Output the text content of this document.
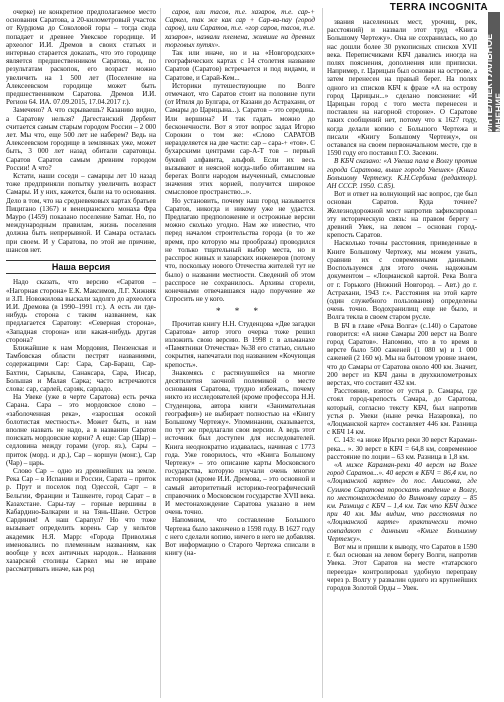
TERRA INCOGNITA
ИНТЕЛЛЕКТУАЛЬНОЕ МНЕНИЕ

очерке) не конкретное предполагаемое место основания Саратова, а 20-километровый участок от Курдюма до Соколовой горы – тогда сюда попадает и древнее Увекское городище. И археолог И.И. Дремов в своих статьях и интервью старается доказать, что это городище является предшественником Саратова, и, по результатам раскопок, его возраст можно увеличить на 1 500 лет (Поселение на Алексеевском городище может быть предшественником Саратова. Дремов И.И. Регион 64. ИА. 07.09.2015, 17.04.2017 г.).

Замечено? А что скрываешь? Казанию видно, а Саратову нельзя? Дагестанский Дербент считается самым старым городом России – 2 000 лет. Мы что, еще 500 лет не наберем? Ведь на Алексеевском городище в землянках уже, может быть, 3 000 лет назад обитали саратовцы. Саратов Саратов самым древним городом России! А что?

Кстати, наши соседи – самарцы лет 10 назад тоже предприняли попытку увеличить возраст Самары. И у них, кажется, были на то основания. Дело в том, что на средневековых картах братьев Пицигано (1367) и венецианского монаха Фра Мауро (1459) показано поселение Samar. Но, по международным правилам, жизнь поселения должна быть непрерывной. И Самара осталась при своем. И у Саратова, по этой же причине, шансов нет.

Наша версия

Надо сказать, что версию «Саратов – «Нагорная сторона» Е.К. Максимов, Л.Г. Хижняк и З.П. Новожилова выскали задолго до археолога И.И. Дремова (в 1990–1991 гг.). А есть ли где-нибудь сторона с таким названием, как предлагается Саратову: «Северная сторона», «Западная сторона» или какая-нибудь другая сторона?

Ближайшие к нам Мордовия, Пензенская и Тамбовская области пестрят названиями, содержащими Сар: Сара, Сар-Бараш, Сар-Бахтин, Сарыклы, Санаксара, Сара, Инсар, Большая и Малая Сарка; часто встречаются слова: сар, сарлей, сарзяк, сарладо.

На Увеке (уже в черте Саратова) есть речка Сарана. Сара – это мордовское слово – «заболоченная река», «заросшая осокой болотистая местность». Может быть, и нам вполне назвать не надо, а в названии Саратов поискать мордовские корни? А еще: Сар (Шар) – седловина между горами (угор. яз.), Сары – приток (морд. и др.), Сар – коршун (монг.), Сар (Чар) – царь.

Слово Сар – одно из древнейших на земле. Река Сар – в Испании и России, Сарата – приток р. Прут и поселок под Одессой, Сарт – в Бельгии, Франции и Ташкенте, город Сарат – в Казахстане. Сары-тау – горные вершины в Кабардино-Балкарии и на Тянь-Шане. Остров Сардиния! А наш Сарапул? Но что тоже вызывает определить корень Сар у кельтов академик Н.Я. Марр: «Города Приволжья именовались по племенным названиям, как вообще у всех античных народов... Названия хазарской столицы Саркел мы не вправе рассматривать иначе, как род

саров, или тасов, т.е. хазаров, т.е. сар-+ Саркел, так же как сар + Сар-ва-пау (город саров), или Саратов, т.е. «гор саров, тасов, т.е. хазаров», назвали племена, жившие на древних торговых путях».

Так или иначе, но и на «Новгородских» географических картах с 14 столетия название Саратов (Саратов) встречается и под видами, и Саратове, и Сарай-Кем...

Историки путешествующие по Волге отмечают, что Саратов стоит на половине пути (от Итиля до Булгара, от Казани до Астрахани, от Самары до Царицына...). Саратов – это середина. Или вершина? И так гадать можно до бесконечности. Вот я этот вопрос задал Игорю Сорокин о том же: «Слово САРАТОВ неразделяется на две части: сар – сара-+ «тов». С бухарскими центрами сар-А-Т тов – первый буквой алфавита, альфой. Если их весь вызывают и неясной когда-либо обитавшим на берегах Волги народом выученный, смысловые значения этих корней, получится широкое смысловое пространство...».

Но установить, почему наш город называется Саратов, никогда и никому уже не удастся. Предлагаю предположение и острожные версии можно сколько угодно. Нам же известно, что перед началом строительства города (в то же время, про которую мы прообразы) проводился не только тщательный выбор места, но и расспрос живых и хазарских инженеров (потому что, поскольку нового Отечества жителей тут не было) о названии местности. Сведений об этом расспросе не сохранилось. Архивы сгорели, конечными отвечавшаяся надо поручение же Спросить не у кого.

* * *

Прочитав книгу Н.Н. Студенцова «Две загадки Саратова» автор этого очерка тоже решил изложить свою версию. В 1998 г. в альманахе «Памятники Отечества» №38 его статью, сильно сокрытия, напечатали под названием «Кочующая крепость».

Знакомясь с растянувшейся на многие десятилетия заочной полемикой о месте основания Саратова, трудно избежать, почему никто из исследователей (кроме профессора Н.Н. Студенцова, автора книги «Занимательная география») не выбирает полностью на «Книгу Большому Чертежу». Упоминании, сказывается, по тут же предлагали свои версии. А ведь этот источник был доступен для исследователей. Книга неоднократно издавалась, начиная с 1773 года. Уже говорилось, что «Книга Большому Чертежу» – это описание карты Московского государства, которую изучали очень многие историки (кроме И.И. Дремова, – это основной и самый авторитетный историко-географический справочник о Московском государстве XVII века. И местонахождение Саратова указано в нем очень точно.

Напомним, что составление Большого Чертежа было закончено в 1598 году. В 1627 году с него сделали копию, ничего в него не добавляя. Вот информацию о Старого Чертежа списали в книгу (на-

звания населенных мест, урочищ, рек, расстояний) и назвали этот труд «Книга Большому Чертежу». Она не сохранилась, но до нас дошли более 30 рукописных списков XVII века. Переписчиками КБЧ давались иногда на полях пояснения, дополнения или приписки. Например, г. Царицын был основан на острове, а затем перенесен на правый берег. На полях одного из списков КБЧ к фразе «А на острову город Царицын...» сделано пояснение: «И Царицын город с того места перенесен и поставлен на нагорной стороне». О Саратове таких сообщений нет, потому что к 1627 году, когда делали копию с Большого Чертежа и писали «Книгу Большому Чертежу», он оставался на своем первоначальном месте, где в 1590 году его поставил Г.О. Засекин.

В КБЧ сказано: «А Увеша пала в Волгу против города Саратова, выше города Увешек» (Книга Большому Чертежу. К.Н.Сербина (редактор). АН СССР. 1950. С.85).

Вот и ответ на волнующий нас вопрос, где был основан Саратов. Куда точнее? Железнодорожной мост напротив зафиксировал эту историческую связь: на правом берегу – древний Увек, на левом – основан город-крепость Саратов.

Насколько точны расстояния, приведенные в Книге Большому Чертежу, мы можем узнать, сравнив их с современными данными. Воспользуемся для этого очень надежным документом – «Лоцманской картой. Река Волга от г. Горького (Нижний Новгород. – Авт.) до г. Астрахани, 1943 г.». Расстояния на этой карте (один служебного пользования) определены очень точно. Водохранилищ еще не было, и Волга текла в своем старом русле.

В БЧ в главе «Река Волга» (с.140) о Саратове говорится: «А ниже Самары 200 верст на Волге город Саратов». Напомню, что в то время в версте было 500 саженей (1 080 м) и 1 000 саженей (2 160 м). Мы на бытовом уровне знаем, что до Самары от Саратова около 400 км. Значит, 200 верст из КБЧ даны в двухкилометровых верстах, что составит 432 км.

Расстояние, взятое от устья р. Самары, где стоял город-крепость Самара, до Саратова, который, согласно тексту КБЧ, был напротив устья р. Увеки (ныне речка Назаровка), по «Лоцманской карте» составляет 446 км. Разница с КБЧ 14 км.

С. 143: «а ниже Ирьгиз реки 30 верст Караман-река... ». 30 верст в КБЧ = 64,8 км, современное расстояние по лоции – 63 км. Разница в 1,8 км.

«А ниже Караман-реки 40 верст на Волге город Саратов...». 40 верст в КБЧ = 86,4 км, по «Лоцманской карте» до пос. Анисовка, где Сузиков Саратова пороскать впадение в Волгу, по местонахождению до Винновну сараху – 85 км. Разница с КБЧ – 1,4 км. Так что КБЧ даже при 40 км. Мы видим, что расстояния по «Лоцманской карте» практически точно совпадают с данными «Книге Большому Чертежу».

Вот мы и пришли к выводу, что Саратов в 1590 г. был основан на левом берегу Волги, напротив Увека. Этот Саратов на месте «татарского переезда» контролировал удобную переправу через р. Волгу у развалин одного из крупнейших городов Золотой Орды – Увек.
